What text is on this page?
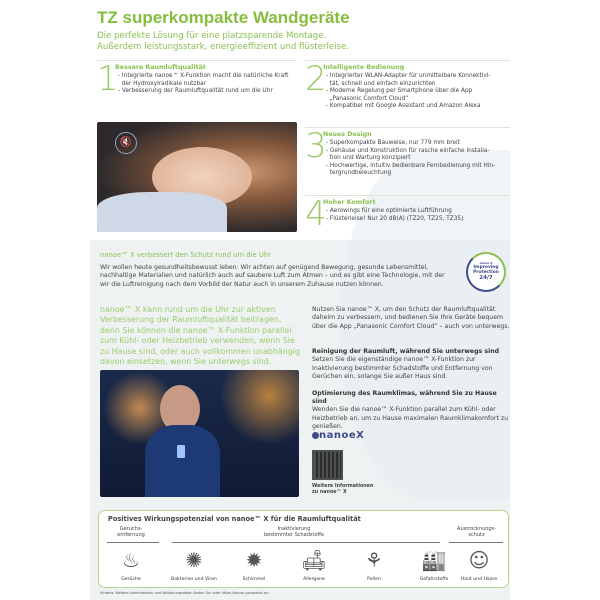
TZ superkompakte Wandgeräte
Die perfekte Lösung für eine platzsparende Montage.
Außerdem leistungsstark, energieeffizient und flüsterleise.
1
Bessere Raumluftqualität
- Integrierte nanoe™ X-Funktion macht die natürliche Kraft
der Hydroxylradikale nutzbar
- Verbesserung der Raumluftqualität rund um die Uhr 2
Intelligente Bedienung
- Integrierter WLAN-Adapter für unmittelbare Konnektivi-
tät, schnell und einfach einzurichten
- Moderne Regelung per Smartphone über die App
„Panasonic Comfort Cloud“
- Kompatibel mit Google Assistant und Amazon Alexa
3
Neues Design
- Superkompakte Bauweise, nur 779 mm breit
- Gehäuse und Konstruktion für rasche einfache Installa-
tion und Wartung konzipiert
- Hochwertige, intuitiv bedienbare Fernbedienung mit Hin-
tergrundbeleuchtung
4
Hoher Komfort
- Aerowings für eine optimierte Luftführung
- Flüsterleise! Nur 20 dB(A) (TZ20, TZ25, TZ35)
🔇
nanoe™ X verbessert den Schutz rund um die Uhr
Wir wollen heute gesundheitsbewusst leben: Wir achten auf genügend Bewegung, gesunde Lebensmittel, nachhaltige Materialien und natürlich auch auf saubere Luft zum Atmen – und es gibt eine Technologie, mit der wir die Luftreinigung nach dem Vorbild der Natur auch in unserem Zuhause nutzen können.
nanoe X
Improving
Protection
24/7
nanoe™ X kann rund um die Uhr zur aktiven Verbesserung der Raumluftqualität beitragen, denn Sie können die nanoe™ X-Funktion parallel zum Kühl- oder Heizbetrieb verwenden, wenn Sie zu Hause sind, oder auch vollkommen unabhängig davon einsetzen, wenn Sie unterwegs sind.
Nutzen Sie nanoe™ X, um den Schutz der Raumluftqualität daheim zu verbessern, und bedienen Sie Ihre Geräte bequem über die App „Panasonic Comfort Cloud“ – auch von unterwegs.
Reinigung der Raumluft, während Sie unterwegs sind
Setzen Sie die eigenständige nanoe™ X-Funktion zur Inaktivierung bestimmter Schadstoffe und Entfernung von Gerüchen ein, solange Sie außer Haus sind.
Optimierung des Raumklimas, während Sie zu Hause sind
Wenden Sie die nanoe™ X-Funktion parallel zum Kühl- oder Heizbetrieb an, um zu Hause maximalen Raumklimakomfort zu genießen.
nanoeX
Weitere Informationen
zu nanoe™ X
Positives Wirkungspotenzial von nanoe™ X für die Raumluftqualität
Geruchs-
entfernung
Inaktivierung
bestimmter Schadstoffe
Austrocknungs-
schutz
♨
Gerüche
✺
Bakterien und Viren
✹
Schimmel
🛋
Allergene
⚘
Pollen
🏭
Gefahrstoffe
☺
Haut und Haare
Hinweis: Weitere Informationen und Validierungsdaten finden Sie unter https://aircon.panasonic.eu.
